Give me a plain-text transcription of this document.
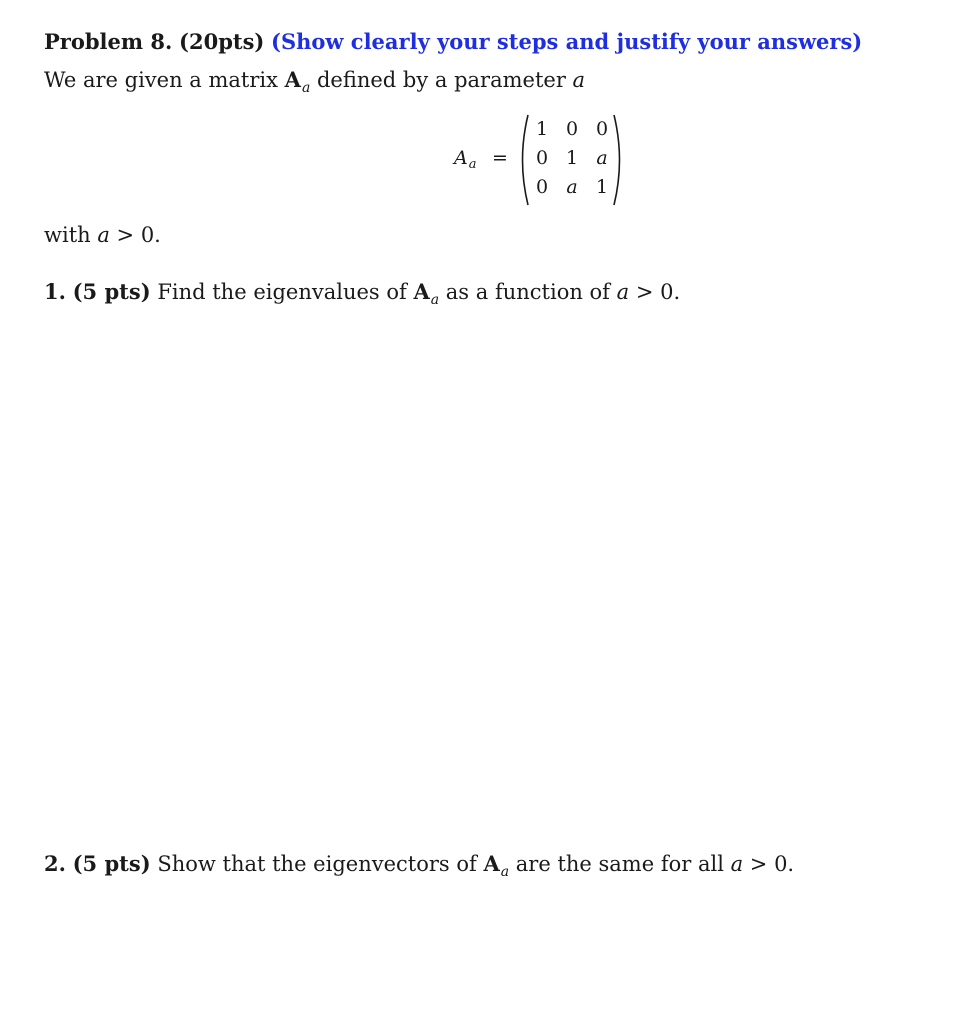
Problem 8. (20pts) (Show clearly your steps and justify your answers)
We are given a matrix $A_a$ defined by a parameter a
$A_a$ =
1 0 0
0 1 a
0 a 1
with a > 0.
1. (5 pts) Find the eigenvalues of $A_a$ as a function of a > 0.
2. (5 pts) Show that the eigenvectors of $A_a$ are the same for all a > 0.
